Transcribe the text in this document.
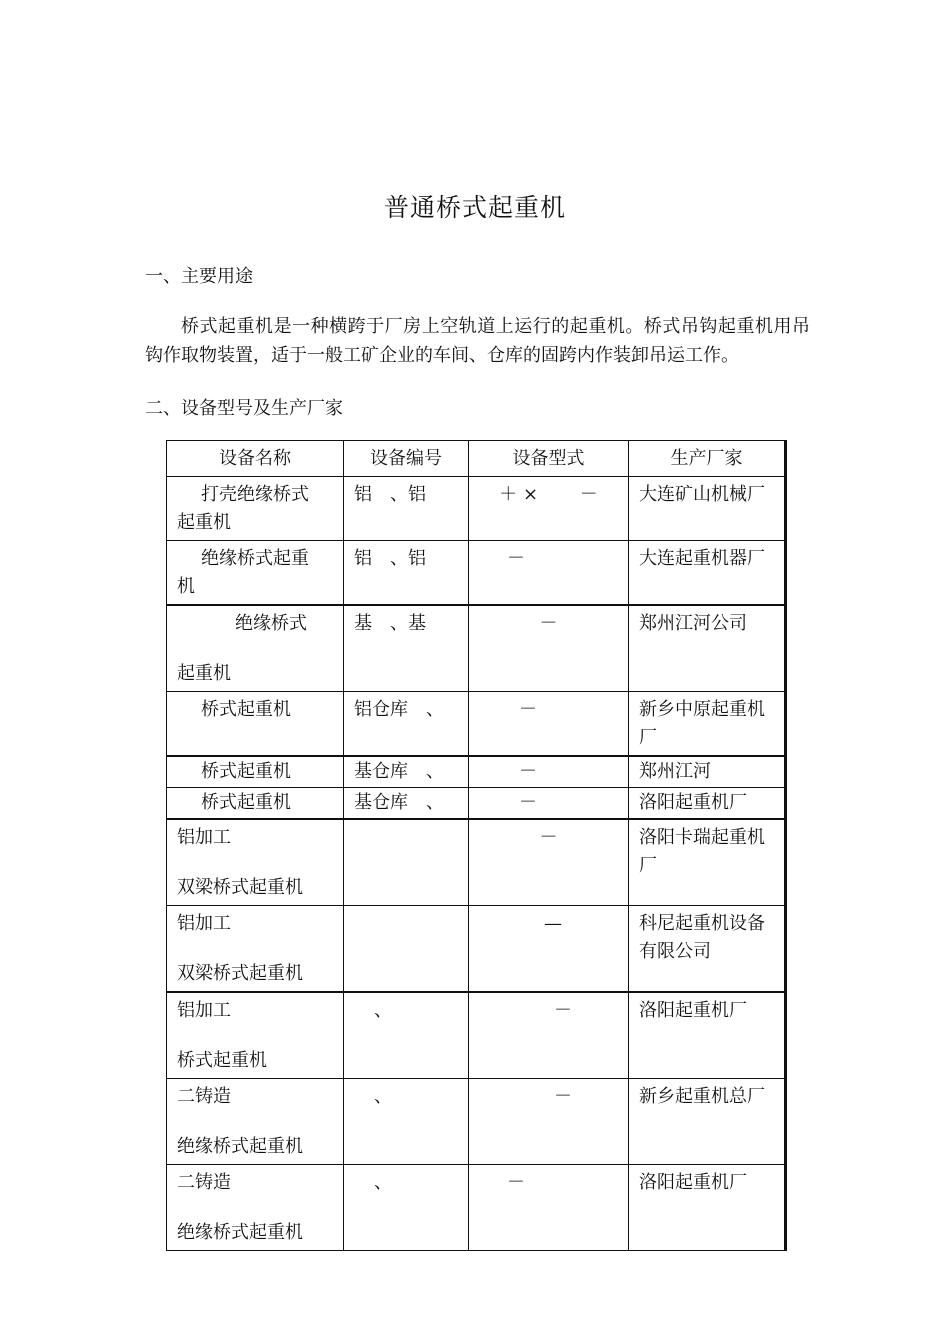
普通桥式起重机
一、主要用途
桥式起重机是一种横跨于厂房上空轨道上运行的起重机。桥式吊钩起重机用吊钩作取物装置，适于一般工矿企业的车间、仓库的固跨内作装卸吊运工作。
二、设备型号及生产厂家
设备名称	设备编号	设备型式	生产厂家

打壳绝缘桥式
起重机	铝　、铝	＋ ×　　 －	大连矿山机械厂

绝缘桥式起重
机	铝　、铝	－	大连起重机器厂

绝缘桥式
起重机	基　、基	－	郑州江河公司
桥式起重机	铝仓库　、	－	新乡中原起重机厂
桥式起重机	基仓库　、	－	郑州江河
桥式起重机	基仓库　、	－	洛阳起重机厂

铝加工
双梁桥式起重机		－	洛阳卡瑞起重机厂

铝加工
双梁桥式起重机		—	科尼起重机设备有限公司

铝加工
桥式起重机	、	－	洛阳起重机厂

二铸造
绝缘桥式起重机	、	－	新乡起重机总厂

二铸造
绝缘桥式起重机	、	－	洛阳起重机厂
